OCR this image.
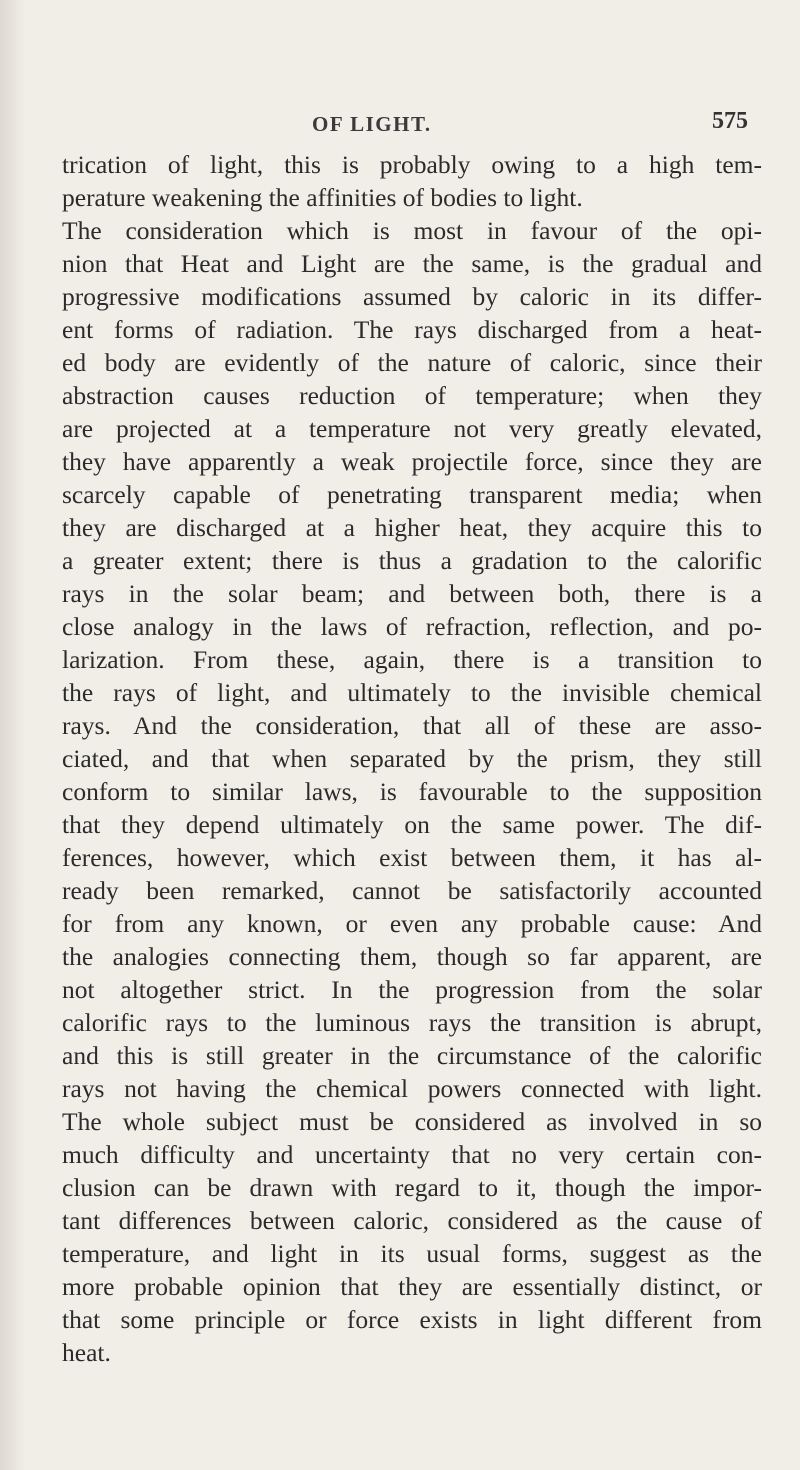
OF LIGHT.	575
trication of light, this is probably owing to a high tem-
perature weakening the affinities of bodies to light.
The consideration which is most in favour of the opi-
nion that Heat and Light are the same, is the gradual and
progressive modifications assumed by caloric in its differ-
ent forms of radiation. The rays discharged from a heat-
ed body are evidently of the nature of caloric, since their
abstraction causes reduction of temperature; when they
are projected at a temperature not very greatly elevated,
they have apparently a weak projectile force, since they are
scarcely capable of penetrating transparent media; when
they are discharged at a higher heat, they acquire this to
a greater extent; there is thus a gradation to the calorific
rays in the solar beam; and between both, there is a
close analogy in the laws of refraction, reflection, and po-
larization. From these, again, there is a transition to
the rays of light, and ultimately to the invisible chemical
rays. And the consideration, that all of these are asso-
ciated, and that when separated by the prism, they still
conform to similar laws, is favourable to the supposition
that they depend ultimately on the same power. The dif-
ferences, however, which exist between them, it has al-
ready been remarked, cannot be satisfactorily accounted
for from any known, or even any probable cause: And
the analogies connecting them, though so far apparent, are
not altogether strict. In the progression from the solar
calorific rays to the luminous rays the transition is abrupt,
and this is still greater in the circumstance of the calorific
rays not having the chemical powers connected with light.
The whole subject must be considered as involved in so
much difficulty and uncertainty that no very certain con-
clusion can be drawn with regard to it, though the impor-
tant differences between caloric, considered as the cause of
temperature, and light in its usual forms, suggest as the
more probable opinion that they are essentially distinct, or
that some principle or force exists in light different from
heat.
